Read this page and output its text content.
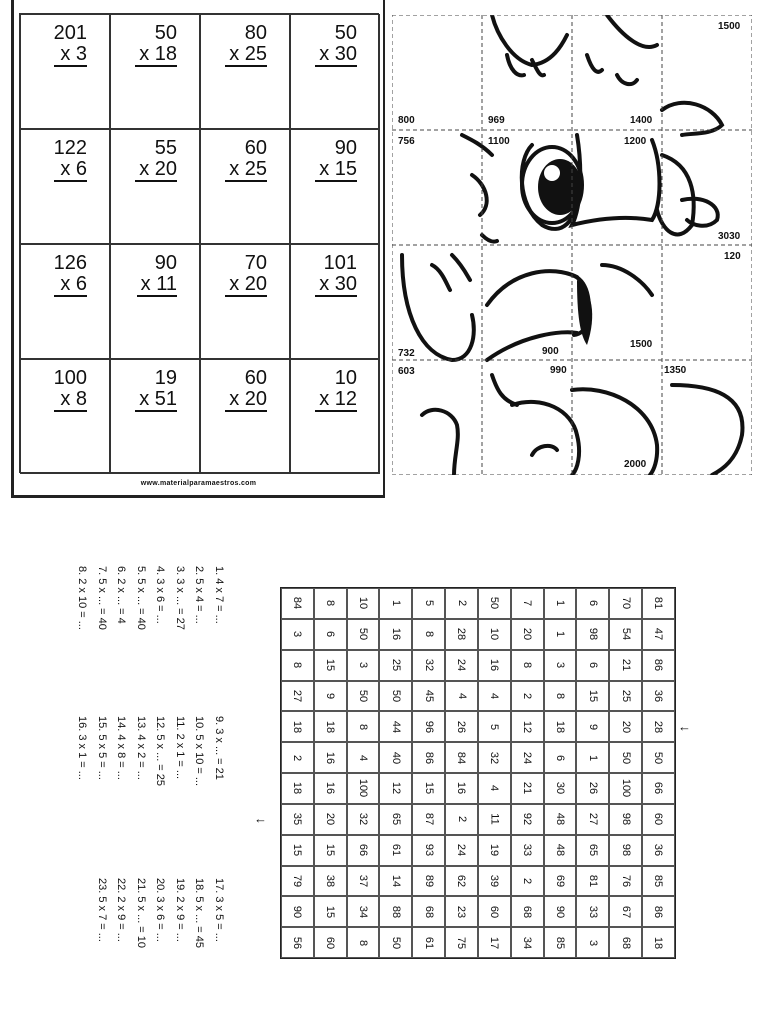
201
x 3
50
x 18
80
x 25
50
x 30
122
x 6
55
x 20
60
x 25
90
x 15
126
x 6
90
x 11
70
x 20
101
x 30
100
x 8
19
x 51
60
x 20
10
x 12
www.materialparamaestros.com
1500
800	969	1400
756	1100	1200
3030
120
732	900
1500
603	990	1350
2000
1. 4 x 7 = ...
2. 5 x 4 = ...
3. 3 x ... = 27
4. 3 x 6 = ...
5. 5 x ... = 40
6. 2 x ... = 4
7. 5 x ... = 40
8. 2 x 10 = ...
9. 3 x ... = 21
10. 5 x 10 = ...
11. 2 x 1 = ...
12. 5 x ... = 25
13. 4 x 2 = ...
14. 4 x 8 = ...
15. 5 x 5 = ...
16. 3 x 1 = ...
17. 3 x 5 = ...
18. 5 x ... = 45
19. 2 x 9 = ...
20. 3 x 6 = ...
21. 5 x ... = 10
22. 2 x 9 = ...
23. 5 x 7 = ...
←
84 8 10 1 5 2 50 7 1 6 70 81
3 6 50 16 8 28 10 20 1 98 54 47
8 15 3 25 32 24 16 8 3 6 21 86
27 9 50 50 45 4 4 2 8 15 25 36
18 18 8 44 96 26 5 12 18 9 20 28
2 16 4 40 86 84 32 24 6 1 50 50
18 16 100 12 15 16 4 21 30 26 100 66
35 20 32 65 87 2 11 92 48 27 98 60
15 15 66 61 93 24 19 33 48 65 98 36
79 38 37 14 89 62 39 2 69 81 76 85
90 15 34 88 68 23 60 68 90 33 67 86
56 60 8 50 61 75 17 34 85 3 68 18
←
